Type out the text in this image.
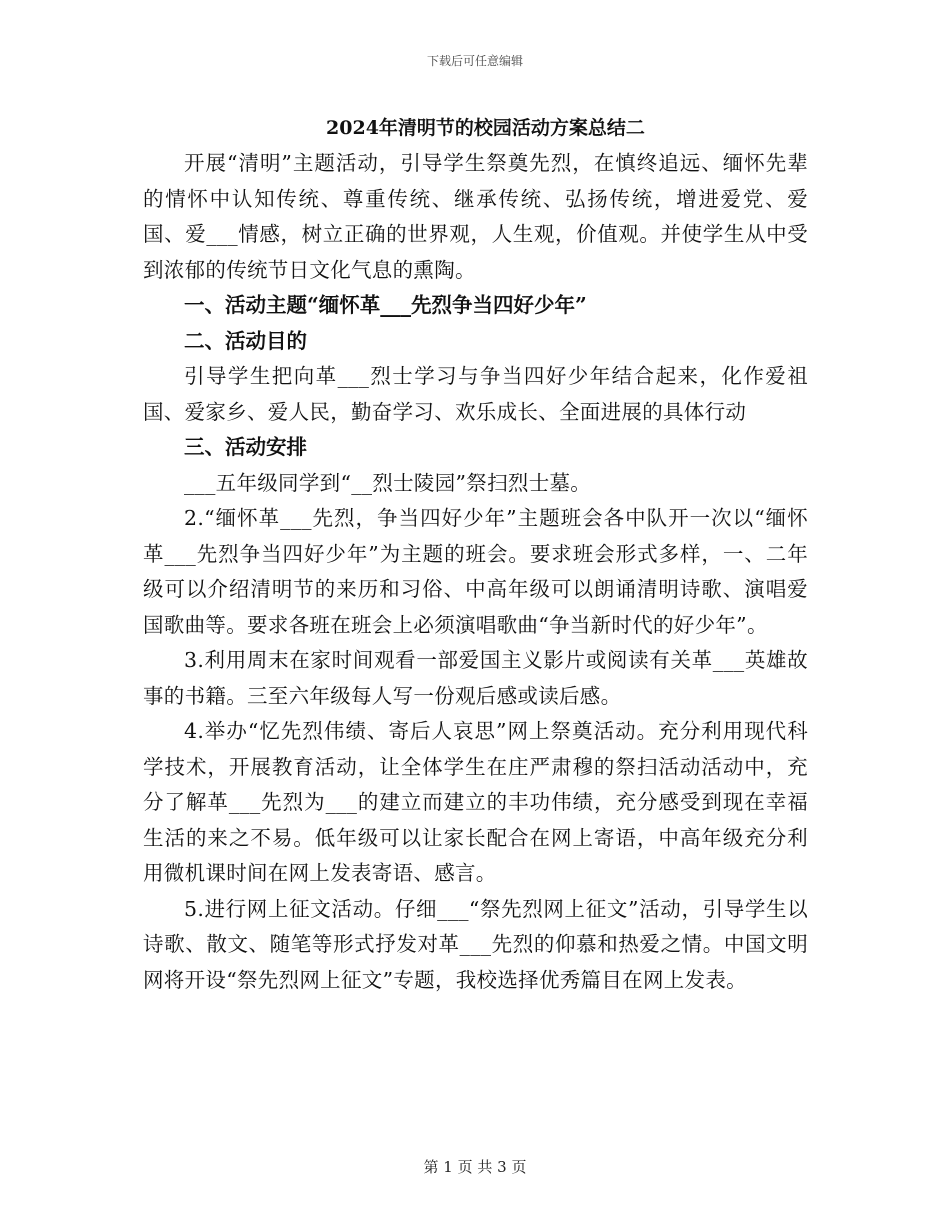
下载后可任意编辑
2024年清明节的校园活动方案总结二

开展“清明”主题活动，引导学生祭奠先烈，在慎终追远、缅怀先辈的情怀中认知传统、尊重传统、继承传统、弘扬传统，增进爱党、爱国、爱___情感，树立正确的世界观，人生观，价值观。并使学生从中受到浓郁的传统节日文化气息的熏陶。

一、活动主题“缅怀革___先烈争当四好少年”

二、活动目的

引导学生把向革___烈士学习与争当四好少年结合起来，化作爱祖国、爱家乡、爱人民，勤奋学习、欢乐成长、全面进展的具体行动

三、活动安排

___五年级同学到“__烈士陵园”祭扫烈士墓。

2.“缅怀革___先烈，争当四好少年”主题班会各中队开一次以“缅怀革___先烈争当四好少年”为主题的班会。要求班会形式多样，一、二年级可以介绍清明节的来历和习俗、中高年级可以朗诵清明诗歌、演唱爱国歌曲等。要求各班在班会上必须演唱歌曲“争当新时代的好少年”。

3.利用周末在家时间观看一部爱国主义影片或阅读有关革___英雄故事的书籍。三至六年级每人写一份观后感或读后感。

4.举办“忆先烈伟绩、寄后人哀思”网上祭奠活动。充分利用现代科学技术，开展教育活动，让全体学生在庄严肃穆的祭扫活动活动中，充分了解革___先烈为___的建立而建立的丰功伟绩，充分感受到现在幸福生活的来之不易。低年级可以让家长配合在网上寄语，中高年级充分利用微机课时间在网上发表寄语、感言。

5.进行网上征文活动。仔细___“祭先烈网上征文”活动，引导学生以诗歌、散文、随笔等形式抒发对革___先烈的仰慕和热爱之情。中国文明网将开设“祭先烈网上征文”专题，我校选择优秀篇目在网上发表。

第 1 页 共 3 页
